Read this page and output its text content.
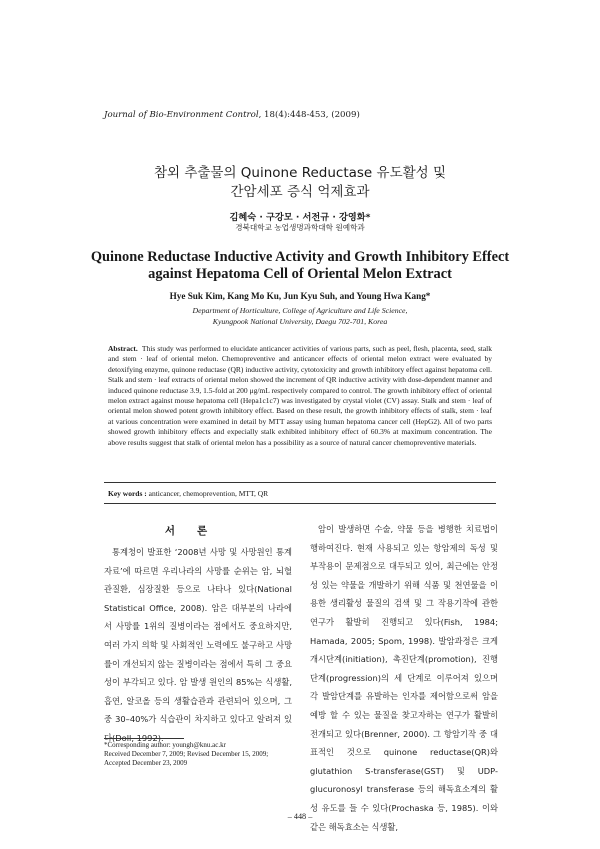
Journal of Bio-Environment Control, 18(4):448-453, (2009)
참외 추출물의 Quinone Reductase 유도활성 및
간암세포 증식 억제효과
김혜숙 · 구강모 · 서전규 · 강영화*
경북대학교 농업생명과학대학 원예학과
Quinone Reductase Inductive Activity and Growth Inhibitory Effect
against Hepatoma Cell of Oriental Melon Extract
Hye Suk Kim, Kang Mo Ku, Jun Kyu Suh, and Young Hwa Kang*
Department of Horticulture, College of Agriculture and Life Science,
Kyungpook National University, Daegu 702-701, Korea
Abstract. This study was performed to elucidate anticancer activities of various parts, such as peel, flesh, placenta, seed, stalk and stem · leaf of oriental melon. Chemopreventive and anticancer effects of oriental melon extract were evaluated by detoxifying enzyme, quinone reductase (QR) inductive activity, cytotoxicity and growth inhibitory effect against hepatoma cell. Stalk and stem · leaf extracts of oriental melon showed the increment of QR inductive activity with dose-dependent manner and induced quinone reductase 3.9, 1.5-fold at 200 μg/mL respectively compared to control. The growth inhibitory effect of oriental melon extract against mouse hepatoma cell (Hepa1c1c7) was investigated by crystal violet (CV) assay. Stalk and stem · leaf of oriental melon showed potent growth inhibitory effect. Based on these result, the growth inhibitory effects of stalk, stem · leaf at various concentration were examined in detail by MTT assay using human hepatoma cancer cell (HepG2). All of two parts showed growth inhibitory effects and expecially stalk exhibited inhibitory effect of 60.3% at maximum concentration. The above results suggest that stalk of oriental melon has a possibility as a source of natural cancer chemopreventive materials.
Key words : anticancer, chemoprevention, MTT, QR
서론
통계청이 발표한 ‘2008년 사망 및 사망원인 통계자료’에 따르면 우리나라의 사망률 순위는 암, 뇌혈관질환, 심장질환 등으로 나타나 있다(National Statistical Office, 2008). 암은 대부분의 나라에서 사망률 1위의 질병이라는 점에서도 중요하지만, 여러 가지 의학 및 사회적인 노력에도 불구하고 사망률이 개선되지 않는 질병이라는 점에서 특히 그 중요성이 부각되고 있다. 암 발생 원인의 85%는 식생활, 흡연, 알코올 등의 생활습관과 관련되어 있으며, 그 중 30–40%가 식습관이 차지하고 있다고 알려져 있다(Doll, 1992).
암이 발생하면 수술, 약물 등을 병행한 치료법이 행하여진다. 현재 사용되고 있는 항암제의 독성 및 부작용이 문제점으로 대두되고 있어, 최근에는 안정성 있는 약물을 개발하기 위해 식품 및 천연물을 이용한 생리활성 물질의 검색 및 그 작용기작에 관한 연구가 활발히 진행되고 있다(Fish, 1984; Hamada, 2005; Spom, 1998). 발암과정은 크게 개시단계(initiation), 촉진단계(promotion), 진행단계(progression)의 세 단계로 이루어져 있으며 각 발암단계를 유발하는 인자를 제어함으로써 암을 예방 할 수 있는 물질을 찾고자하는 연구가 활발히 전개되고 있다(Brenner, 2000). 그 항암기작 중 대표적인 것으로 quinone reductase(QR)와 glutathion S-transferase(GST) 및 UDP-glucuronosyl transferase 등의 해독효소계의 활성 유도를 들 수 있다(Prochaska 등, 1985). 이와 같은 해독효소는 식생활,
*Corresponding author: youngh@knu.ac.kr
Received December 7, 2009; Revised December 15, 2009;
Accepted December 23, 2009
– 448 –
